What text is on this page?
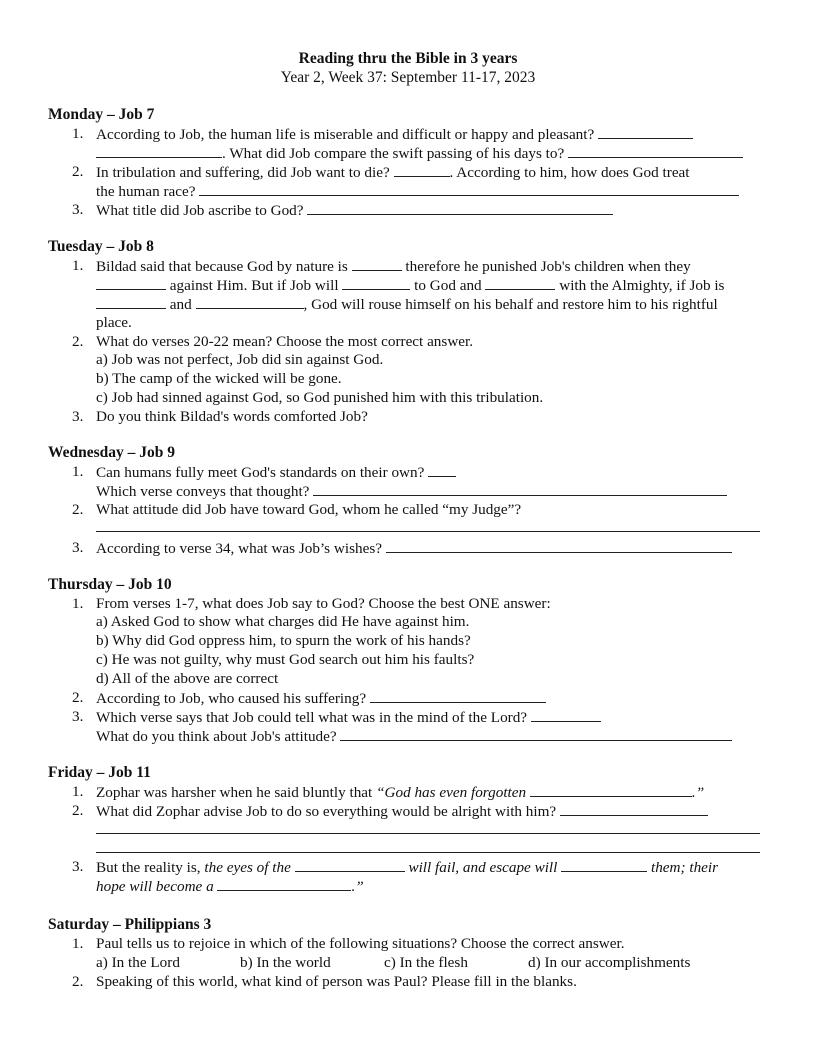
Reading thru the Bible in 3 years
Year 2, Week 37: September 11-17, 2023
Monday – Job 7
1. According to Job, the human life is miserable and difficult or happy and pleasant?
. What did Job compare the swift passing of his days to?
2. In tribulation and suffering, did Job want to die?	. According to him, how does God treat
the human race?
3. What title did Job ascribe to God?
Tuesday – Job 8
1. Bildad said that because God by nature is	therefore he punished Job's children when they
against Him. But if Job will	to God and	with the Almighty, if Job is
and	, God will rouse himself on his behalf and restore him to his rightful
place.
2. What do verses 20-22 mean? Choose the most correct answer.
a) Job was not perfect, Job did sin against God.
b) The camp of the wicked will be gone.
c) Job had sinned against God, so God punished him with this tribulation.
3. Do you think Bildad's words comforted Job?
Wednesday – Job 9
1. Can humans fully meet God's standards on their own?
Which verse conveys that thought?
2. What attitude did Job have toward God, whom he called “my Judge”?
3. According to verse 34, what was Job’s wishes?
Thursday – Job 10
1. From verses 1-7, what does Job say to God? Choose the best ONE answer:
a) Asked God to show what charges did He have against him.
b) Why did God oppress him, to spurn the work of his hands?
c) He was not guilty, why must God search out him his faults?
d) All of the above are correct
2. According to Job, who caused his suffering?
3. Which verse says that Job could tell what was in the mind of the Lord?
What do you think about Job's attitude?
Friday – Job 11
1. Zophar was harsher when he said bluntly that “God has even forgotten	.”
2. What did Zophar advise Job to do so everything would be alright with him?
3. But the reality is, the eyes of the	will fail, and escape will	them; their
hope will become a	.”
Saturday – Philippians 3
1. Paul tells us to rejoice in which of the following situations? Choose the correct answer.
a) In the Lord	b) In the world	c) In the flesh	d) In our accomplishments
2. Speaking of this world, what kind of person was Paul? Please fill in the blanks.
